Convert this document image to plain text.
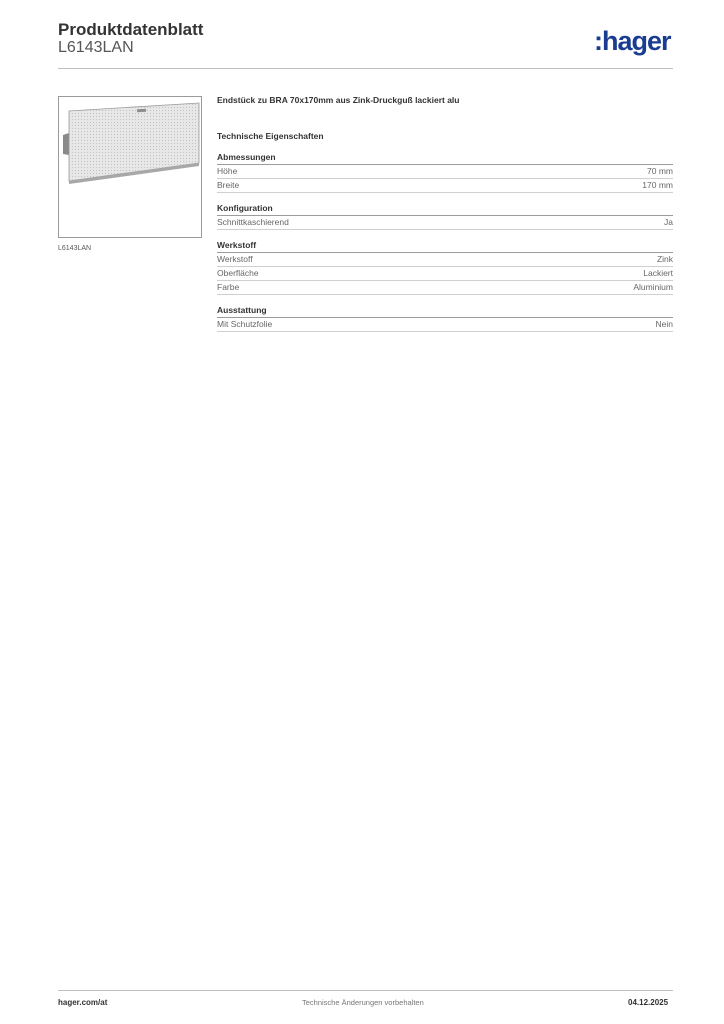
Produktdatenblatt
L6143LAN	:hager
L6143LAN
Endstück zu BRA 70x170mm aus Zink-Druckguß lackiert alu
Technische Eigenschaften
Abmessungen
Höhe	70 mm
Breite	170 mm
Konfiguration
Schnittkaschierend	Ja
Werkstoff
Werkstoff	Zink
Oberfläche	Lackiert
Farbe	Aluminium
Ausstattung
Mit Schutzfolie	Nein
hager.com/at	Technische Änderungen vorbehalten	04.12.2025
